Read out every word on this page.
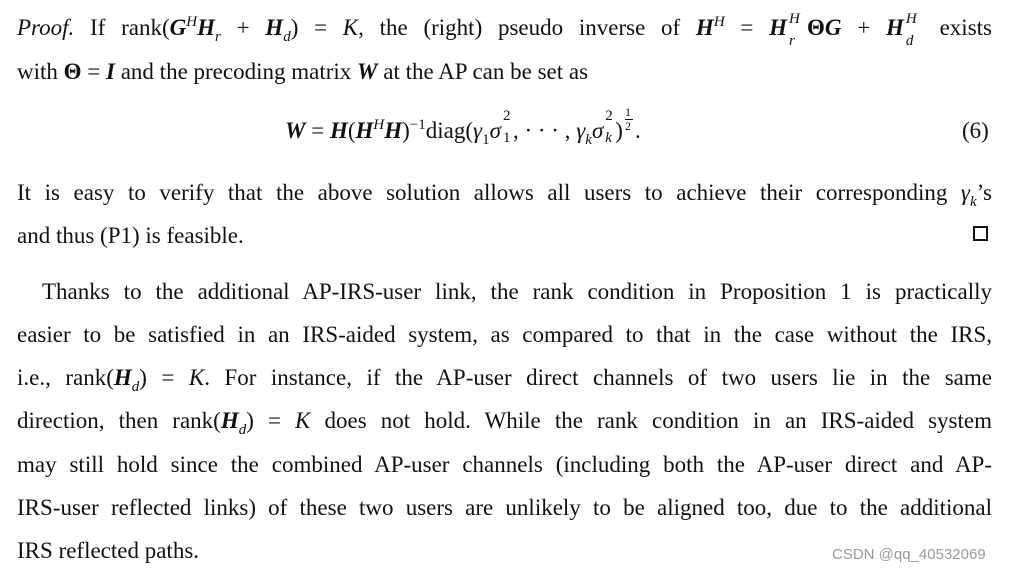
Proof. If $rank(G^HH_r + H_d) = K$, the (right) pseudo inverse of $H^H = H$ H
r
ΘG + H H
d
exists
with Θ = I and the precoding matrix W at the AP can be set as
$W = H(H^HH)^{-1}diag(\gamma_1\sigma$
2
1 , · · · , $\gamma_k\sigma$
2
k ) $\frac{1}{2}$ .	(6)
It is easy to verify that the above solution allows all users to achieve their corresponding $\gamma_k’s$
and thus (P1) is feasible.
Thanks to the additional AP-IRS-user link, the rank condition in Proposition 1 is practically
easier to be satisfied in an IRS-aided system, as compared to that in the case without the IRS,
i.e., $rank(H_d) = K$. For instance, if the AP-user direct channels of two users lie in the same
direction, then $rank(H_d) = K$ does not hold. While the rank condition in an IRS-aided system
may still hold since the combined AP-user channels (including both the AP-user direct and AP-
IRS-user reflected links) of these two users are unlikely to be aligned too, due to the additional
IRS reflected paths.	CSDN @qq_40532069
